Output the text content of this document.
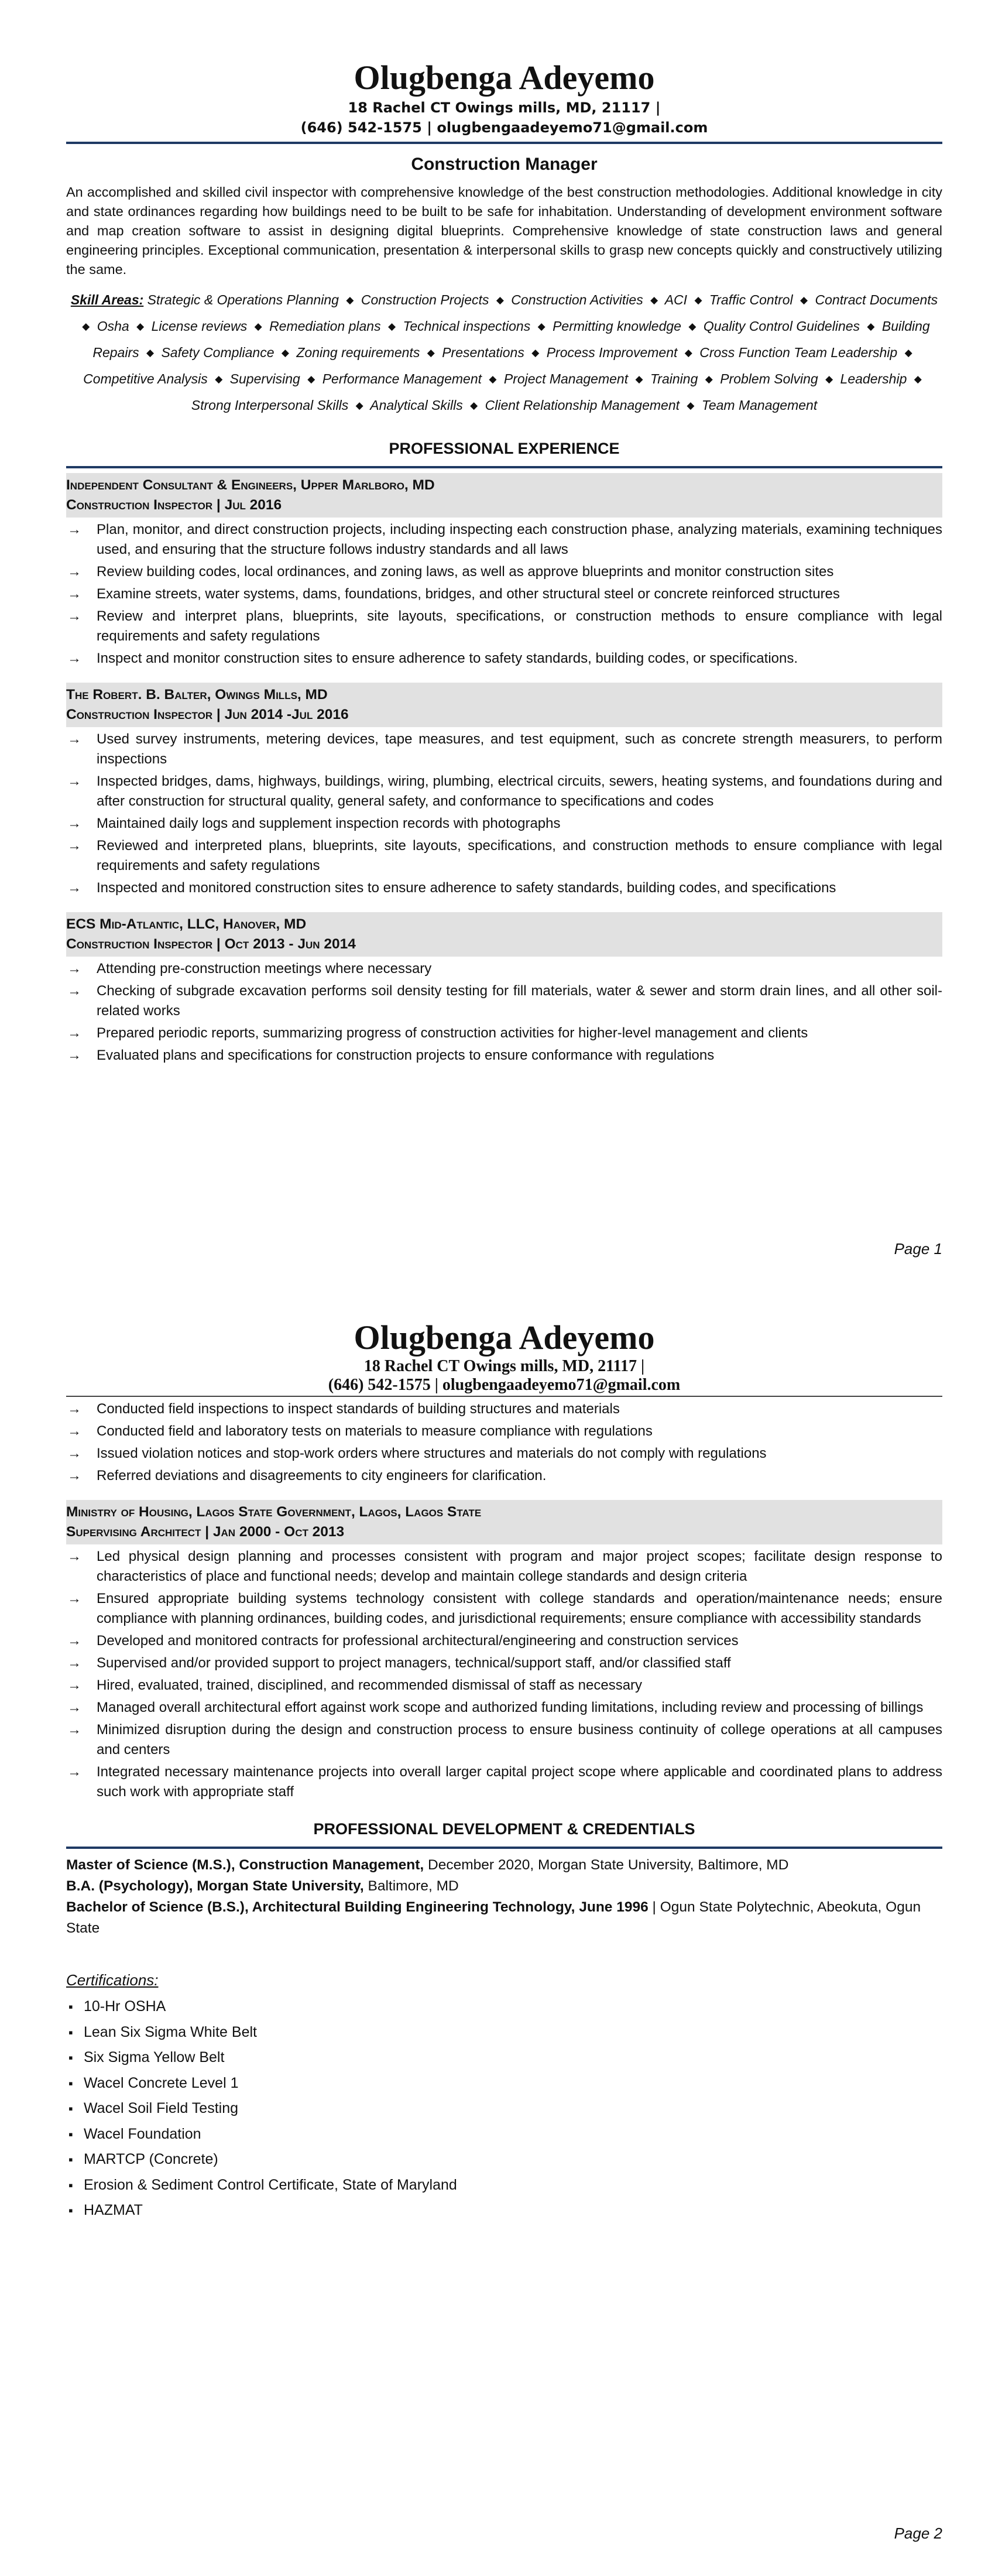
Olugbenga Adeyemo
18 Rachel CT Owings mills, MD, 21117 |
(646) 542-1575 | olugbengaadeyemo71@gmail.com
Construction Manager
An accomplished and skilled civil inspector with comprehensive knowledge of the best construction methodologies. Additional knowledge in city and state ordinances regarding how buildings need to be built to be safe for inhabitation. Understanding of development environment software and map creation software to assist in designing digital blueprints. Comprehensive knowledge of state construction laws and general engineering principles. Exceptional communication, presentation & interpersonal skills to grasp new concepts quickly and constructively utilizing the same.
Skill Areas: Strategic & Operations Planning ◆ Construction Projects ◆ Construction Activities ◆ ACI ◆ Traffic Control ◆ Contract Documents ◆ Osha ◆ License reviews ◆ Remediation plans ◆ Technical inspections ◆ Permitting knowledge ◆ Quality Control Guidelines ◆ Building Repairs ◆ Safety Compliance ◆ Zoning requirements ◆ Presentations ◆ Process Improvement ◆ Cross Function Team Leadership ◆ Competitive Analysis ◆ Supervising ◆ Performance Management ◆ Project Management ◆ Training ◆ Problem Solving ◆ Leadership ◆ Strong Interpersonal Skills ◆ Analytical Skills ◆ Client Relationship Management ◆ Team Management
PROFESSIONAL EXPERIENCE
Independent Consultant & Engineers, Upper Marlboro, MD
Construction Inspector | Jul 2016
→ Plan, monitor, and direct construction projects, including inspecting each construction phase, analyzing materials, examining techniques used, and ensuring that the structure follows industry standards and all laws
→ Review building codes, local ordinances, and zoning laws, as well as approve blueprints and monitor construction sites
→ Examine streets, water systems, dams, foundations, bridges, and other structural steel or concrete reinforced structures
→ Review and interpret plans, blueprints, site layouts, specifications, or construction methods to ensure compliance with legal requirements and safety regulations
→ Inspect and monitor construction sites to ensure adherence to safety standards, building codes, or specifications.
The Robert. B. Balter, Owings Mills, MD
Construction Inspector | Jun 2014 -Jul 2016
→ Used survey instruments, metering devices, tape measures, and test equipment, such as concrete strength measurers, to perform inspections
→ Inspected bridges, dams, highways, buildings, wiring, plumbing, electrical circuits, sewers, heating systems, and foundations during and after construction for structural quality, general safety, and conformance to specifications and codes
→ Maintained daily logs and supplement inspection records with photographs
→ Reviewed and interpreted plans, blueprints, site layouts, specifications, and construction methods to ensure compliance with legal requirements and safety regulations
→ Inspected and monitored construction sites to ensure adherence to safety standards, building codes, and specifications
ECS Mid-Atlantic, LLC, Hanover, MD
Construction Inspector | Oct 2013 - Jun 2014
→ Attending pre-construction meetings where necessary
→ Checking of subgrade excavation performs soil density testing for fill materials, water & sewer and storm drain lines, and all other soil-related works
→ Prepared periodic reports, summarizing progress of construction activities for higher-level management and clients
→ Evaluated plans and specifications for construction projects to ensure conformance with regulations
Page 1
Olugbenga Adeyemo
18 Rachel CT Owings mills, MD, 21117 |
(646) 542-1575 | olugbengaadeyemo71@gmail.com
→ Conducted field inspections to inspect standards of building structures and materials
→ Conducted field and laboratory tests on materials to measure compliance with regulations
→ Issued violation notices and stop-work orders where structures and materials do not comply with regulations
→ Referred deviations and disagreements to city engineers for clarification.
Ministry of Housing, Lagos State Government, Lagos, Lagos State
Supervising Architect | Jan 2000 - Oct 2013
→ Led physical design planning and processes consistent with program and major project scopes; facilitate design response to characteristics of place and functional needs; develop and maintain college standards and design criteria
→ Ensured appropriate building systems technology consistent with college standards and operation/maintenance needs; ensure compliance with planning ordinances, building codes, and jurisdictional requirements; ensure compliance with accessibility standards
→ Developed and monitored contracts for professional architectural/engineering and construction services
→ Supervised and/or provided support to project managers, technical/support staff, and/or classified staff
→ Hired, evaluated, trained, disciplined, and recommended dismissal of staff as necessary
→ Managed overall architectural effort against work scope and authorized funding limitations, including review and processing of billings
→ Minimized disruption during the design and construction process to ensure business continuity of college operations at all campuses and centers
→ Integrated necessary maintenance projects into overall larger capital project scope where applicable and coordinated plans to address such work with appropriate staff
PROFESSIONAL DEVELOPMENT & CREDENTIALS
Master of Science (M.S.), Construction Management, December 2020, Morgan State University, Baltimore, MD
B.A. (Psychology), Morgan State University, Baltimore, MD
Bachelor of Science (B.S.), Architectural Building Engineering Technology, June 1996 | Ogun State Polytechnic, Abeokuta, Ogun State
Certifications:
▪ 10-Hr OSHA
▪ Lean Six Sigma White Belt
▪ Six Sigma Yellow Belt
▪ Wacel Concrete Level 1
▪ Wacel Soil Field Testing
▪ Wacel Foundation
▪ MARTCP (Concrete)
▪ Erosion & Sediment Control Certificate, State of Maryland
▪ HAZMAT
Page 2
